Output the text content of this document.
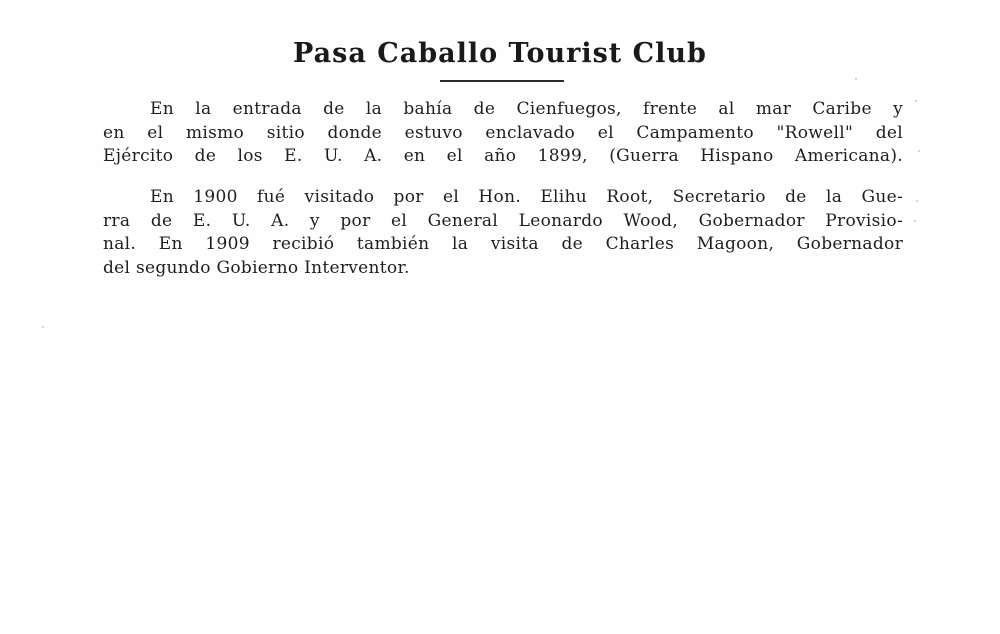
Pasa Caballo Tourist Club

En la entrada de la bahía de Cienfuegos, frente al mar Caribe y
en el mismo sitio donde estuvo enclavado el Campamento "Rowell" del
Ejército de los E. U. A. en el año 1899, (Guerra Hispano Americana).

En 1900 fué visitado por el Hon. Elihu Root, Secretario de la Gue-
rra de E. U. A. y por el General Leonardo Wood, Gobernador Provisio-
nal. En 1909 recibió también la visita de Charles Magoon, Gobernador
del segundo Gobierno Interventor.
